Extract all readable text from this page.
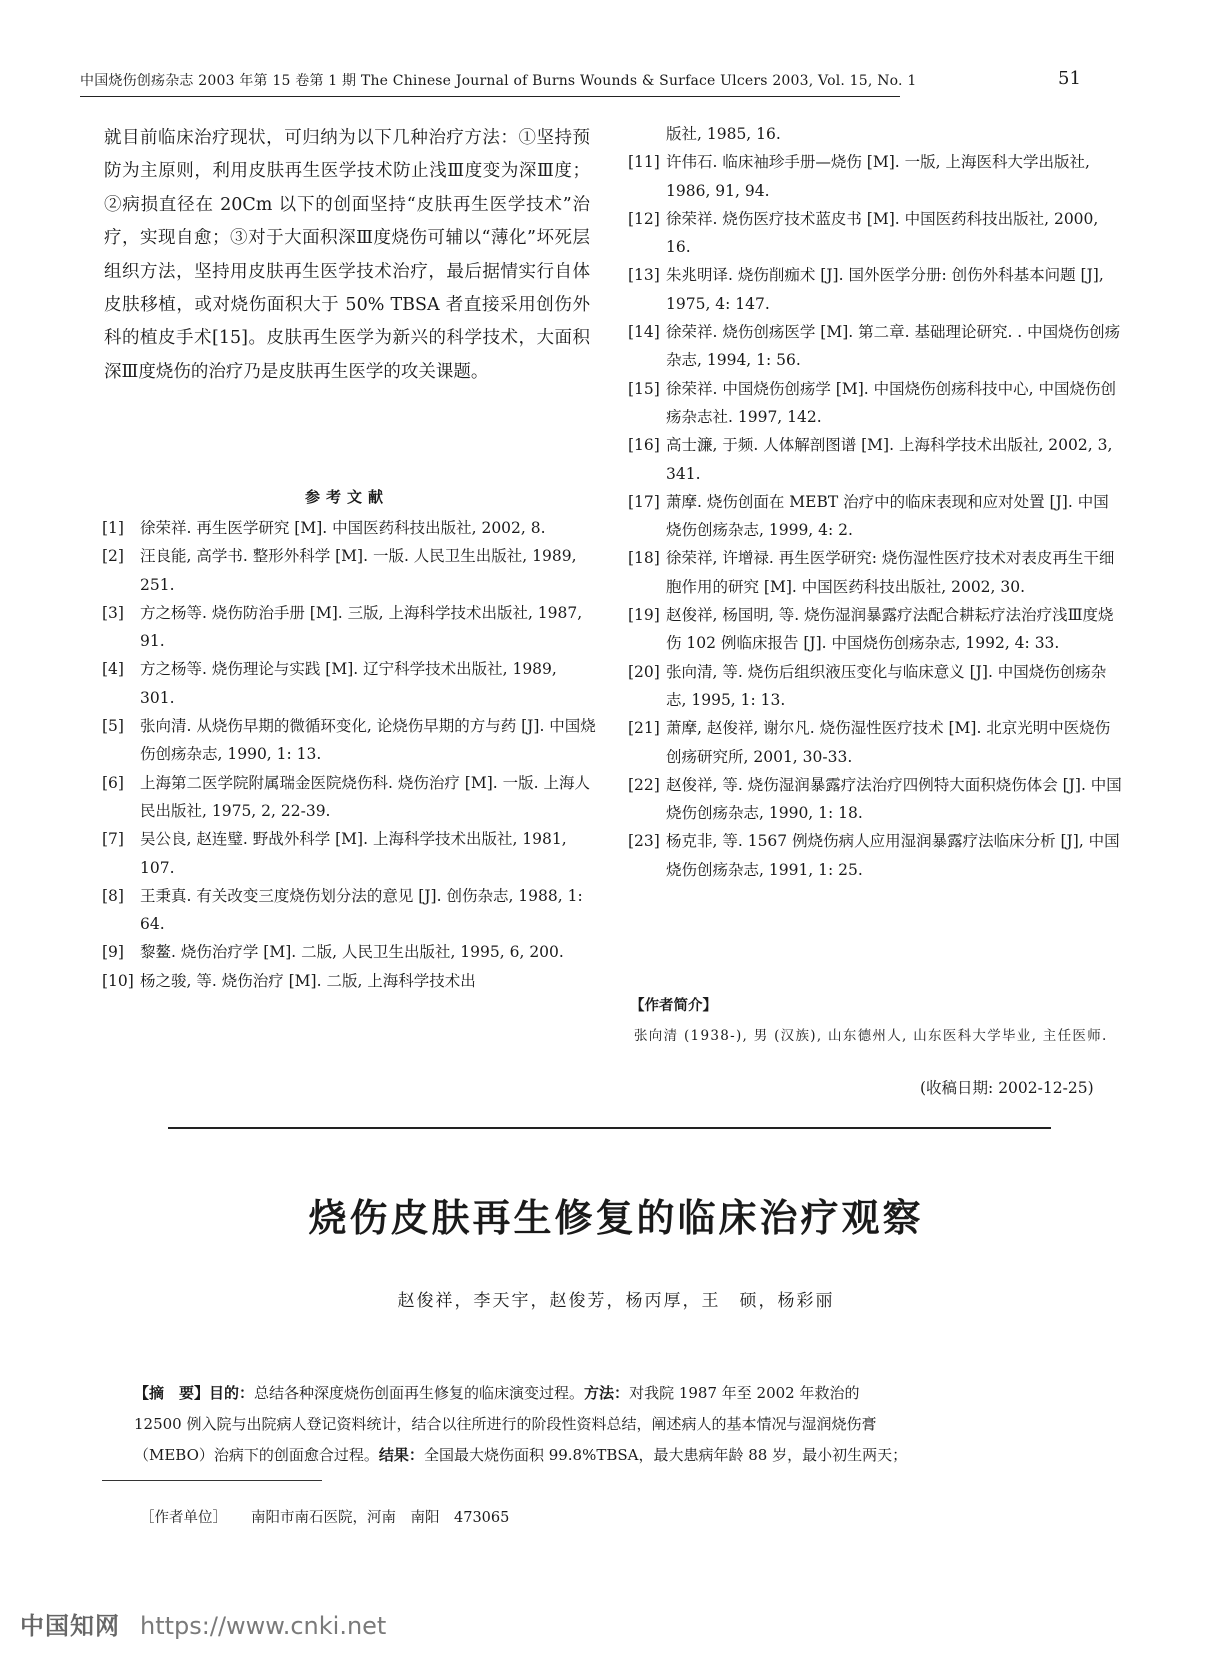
中国烧伤创疡杂志 2003 年第 15 卷第 1 期 The Chinese Journal of Burns Wounds & Surface Ulcers 2003, Vol. 15, No. 1	51

就目前临床治疗现状，可归纳为以下几种治疗方法：①坚持预防为主原则，利用皮肤再生医学技术防止浅Ⅲ度变为深Ⅲ度；②病损直径在 20Cm 以下的创面坚持“皮肤再生医学技术”治疗，实现自愈；③对于大面积深Ⅲ度烧伤可辅以“薄化”坏死层组织方法，坚持用皮肤再生医学技术治疗，最后据情实行自体皮肤移植，或对烧伤面积大于 50% TBSA 者直接采用创伤外科的植皮手术[15]。皮肤再生医学为新兴的科学技术，大面积深Ⅲ度烧伤的治疗乃是皮肤再生医学的攻关课题。

参考文献
[1]	徐荣祥. 再生医学研究 [M]. 中国医药科技出版社, 2002, 8.
[2]	汪良能, 高学书. 整形外科学 [M]. 一版. 人民卫生出版社, 1989, 251.
[3]	方之杨等. 烧伤防治手册 [M]. 三版, 上海科学技术出版社, 1987, 91.
[4]	方之杨等. 烧伤理论与实践 [M]. 辽宁科学技术出版社, 1989, 301.
[5]	张向清. 从烧伤早期的微循环变化, 论烧伤早期的方与药 [J]. 中国烧伤创疡杂志, 1990, 1: 13.
[6]	上海第二医学院附属瑞金医院烧伤科. 烧伤治疗 [M]. 一版. 上海人民出版社, 1975, 2, 22-39.
[7]	吴公良, 赵连璧. 野战外科学 [M]. 上海科学技术出版社, 1981, 107.
[8]	王秉真. 有关改变三度烧伤划分法的意见 [J]. 创伤杂志, 1988, 1: 64.
[9]	黎鳌. 烧伤治疗学 [M]. 二版, 人民卫生出版社, 1995, 6, 200.
[10] 杨之骏, 等. 烧伤治疗 [M]. 二版, 上海科学技术出
版社, 1985, 16.
[11] 许伟石. 临床袖珍手册—烧伤 [M]. 一版, 上海医科大学出版社, 1986, 91, 94.
[12] 徐荣祥. 烧伤医疗技术蓝皮书 [M]. 中国医药科技出版社, 2000, 16.
[13] 朱兆明译. 烧伤削痂术 [J]. 国外医学分册: 创伤外科基本问题 [J], 1975, 4: 147.
[14] 徐荣祥. 烧伤创疡医学 [M]. 第二章. 基础理论研究. . 中国烧伤创疡杂志, 1994, 1: 56.
[15] 徐荣祥. 中国烧伤创疡学 [M]. 中国烧伤创疡科技中心, 中国烧伤创疡杂志社. 1997, 142.
[16] 高士濂, 于频. 人体解剖图谱 [M]. 上海科学技术出版社, 2002, 3, 341.
[17] 萧摩. 烧伤创面在 MEBT 治疗中的临床表现和应对处置 [J]. 中国烧伤创疡杂志, 1999, 4: 2.
[18] 徐荣祥, 许增禄. 再生医学研究: 烧伤湿性医疗技术对表皮再生干细胞作用的研究 [M]. 中国医药科技出版社, 2002, 30.
[19] 赵俊祥, 杨国明, 等. 烧伤湿润暴露疗法配合耕耘疗法治疗浅Ⅲ度烧伤 102 例临床报告 [J]. 中国烧伤创疡杂志, 1992, 4: 33.
[20] 张向清, 等. 烧伤后组织液压变化与临床意义 [J]. 中国烧伤创疡杂志, 1995, 1: 13.
[21] 萧摩, 赵俊祥, 谢尔凡. 烧伤湿性医疗技术 [M]. 北京光明中医烧伤创疡研究所, 2001, 30-33.
[22] 赵俊祥, 等. 烧伤湿润暴露疗法治疗四例特大面积烧伤体会 [J]. 中国烧伤创疡杂志, 1990, 1: 18.
[23] 杨克非, 等. 1567 例烧伤病人应用湿润暴露疗法临床分析 [J], 中国烧伤创疡杂志, 1991, 1: 25.
【作者简介】
张向清 (1938-), 男 (汉族), 山东德州人, 山东医科大学毕业, 主任医师.
(收稿日期: 2002-12-25)
烧伤皮肤再生修复的临床治疗观察
赵俊祥，李天宇，赵俊芳，杨丙厚，王　硕，杨彩丽
【摘　要】目的：总结各种深度烧伤创面再生修复的临床演变过程。方法：对我院 1987 年至 2002 年救治的
12500 例入院与出院病人登记资料统计，结合以往所进行的阶段性资料总结，阐述病人的基本情况与湿润烧伤膏
（MEBO）治病下的创面愈合过程。结果：全国最大烧伤面积 99.8%TBSA，最大患病年龄 88 岁，最小初生两天；
［作者单位］ 南阳市南石医院，河南　南阳　473065
中国知网 https://www.cnki.net
